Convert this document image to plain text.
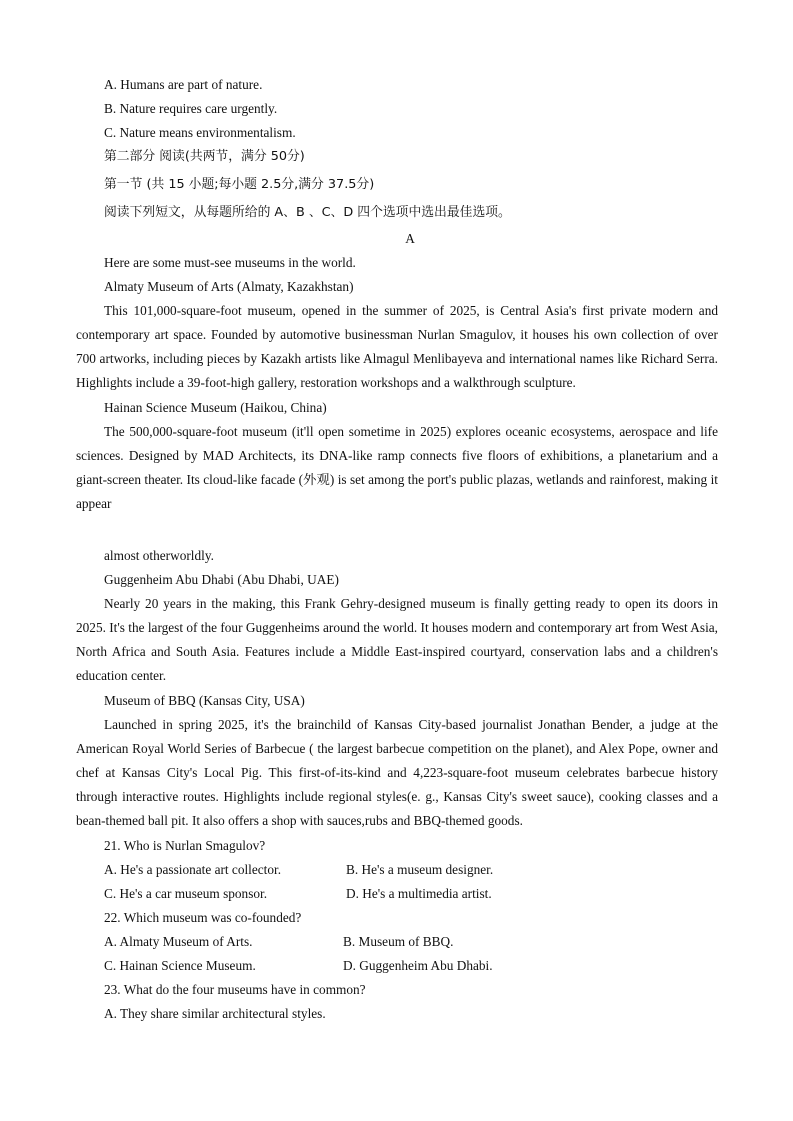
A. Humans are part of nature.
B. Nature requires care urgently.
C. Nature means environmentalism.
第二部分 阅读(共两节，满分 50分)
第一节 (共 15 小题;每小题 2.5分,满分 37.5分)
阅读下列短文，从每题所给的 A、B 、C、D 四个选项中选出最佳选项。
A
Here are some must-see museums in the world.
Almaty Museum of Arts (Almaty, Kazakhstan)
This 101,000-square-foot museum, opened in the summer of 2025, is Central Asia's first private modern and contemporary art space. Founded by automotive businessman Nurlan Smagulov, it houses his own collection of over 700 artworks, including pieces by Kazakh artists like Almagul Menlibayeva and international names like Richard Serra. Highlights include a 39-foot-high gallery, restoration workshops and a walkthrough sculpture.
Hainan Science Museum (Haikou, China)
The 500,000-square-foot museum (it'll open sometime in 2025) explores oceanic ecosystems, aerospace and life sciences. Designed by MAD Architects, its DNA-like ramp connects five floors of exhibitions, a planetarium and a giant-screen theater. Its cloud-like facade (外观) is set among the port's public plazas, wetlands and rainforest, making it appear
almost otherworldly.
Guggenheim Abu Dhabi (Abu Dhabi, UAE)
Nearly 20 years in the making, this Frank Gehry-designed museum is finally getting ready to open its doors in 2025. It's the largest of the four Guggenheims around the world. It houses modern and contemporary art from West Asia, North Africa and South Asia. Features include a Middle East-inspired courtyard, conservation labs and a children's education center.
Museum of BBQ (Kansas City, USA)
Launched in spring 2025, it's the brainchild of Kansas City-based journalist Jonathan Bender, a judge at the American Royal World Series of Barbecue ( the largest barbecue competition on the planet), and Alex Pope, owner and chef at Kansas City's Local Pig. This first-of-its-kind and 4,223-square-foot museum celebrates barbecue history through interactive routes. Highlights include regional styles(e. g., Kansas City's sweet sauce), cooking classes and a bean-themed ball pit. It also offers a shop with sauces,rubs and BBQ-themed goods.
21. Who is Nurlan Smagulov?
A. He's a passionate art collector.	B. He's a museum designer.
C. He's a car museum sponsor.	D. He's a multimedia artist.
22. Which museum was co-founded?
A. Almaty Museum of Arts.	B. Museum of BBQ.
C. Hainan Science Museum.	D. Guggenheim Abu Dhabi.
23. What do the four museums have in common?
A. They share similar architectural styles.
